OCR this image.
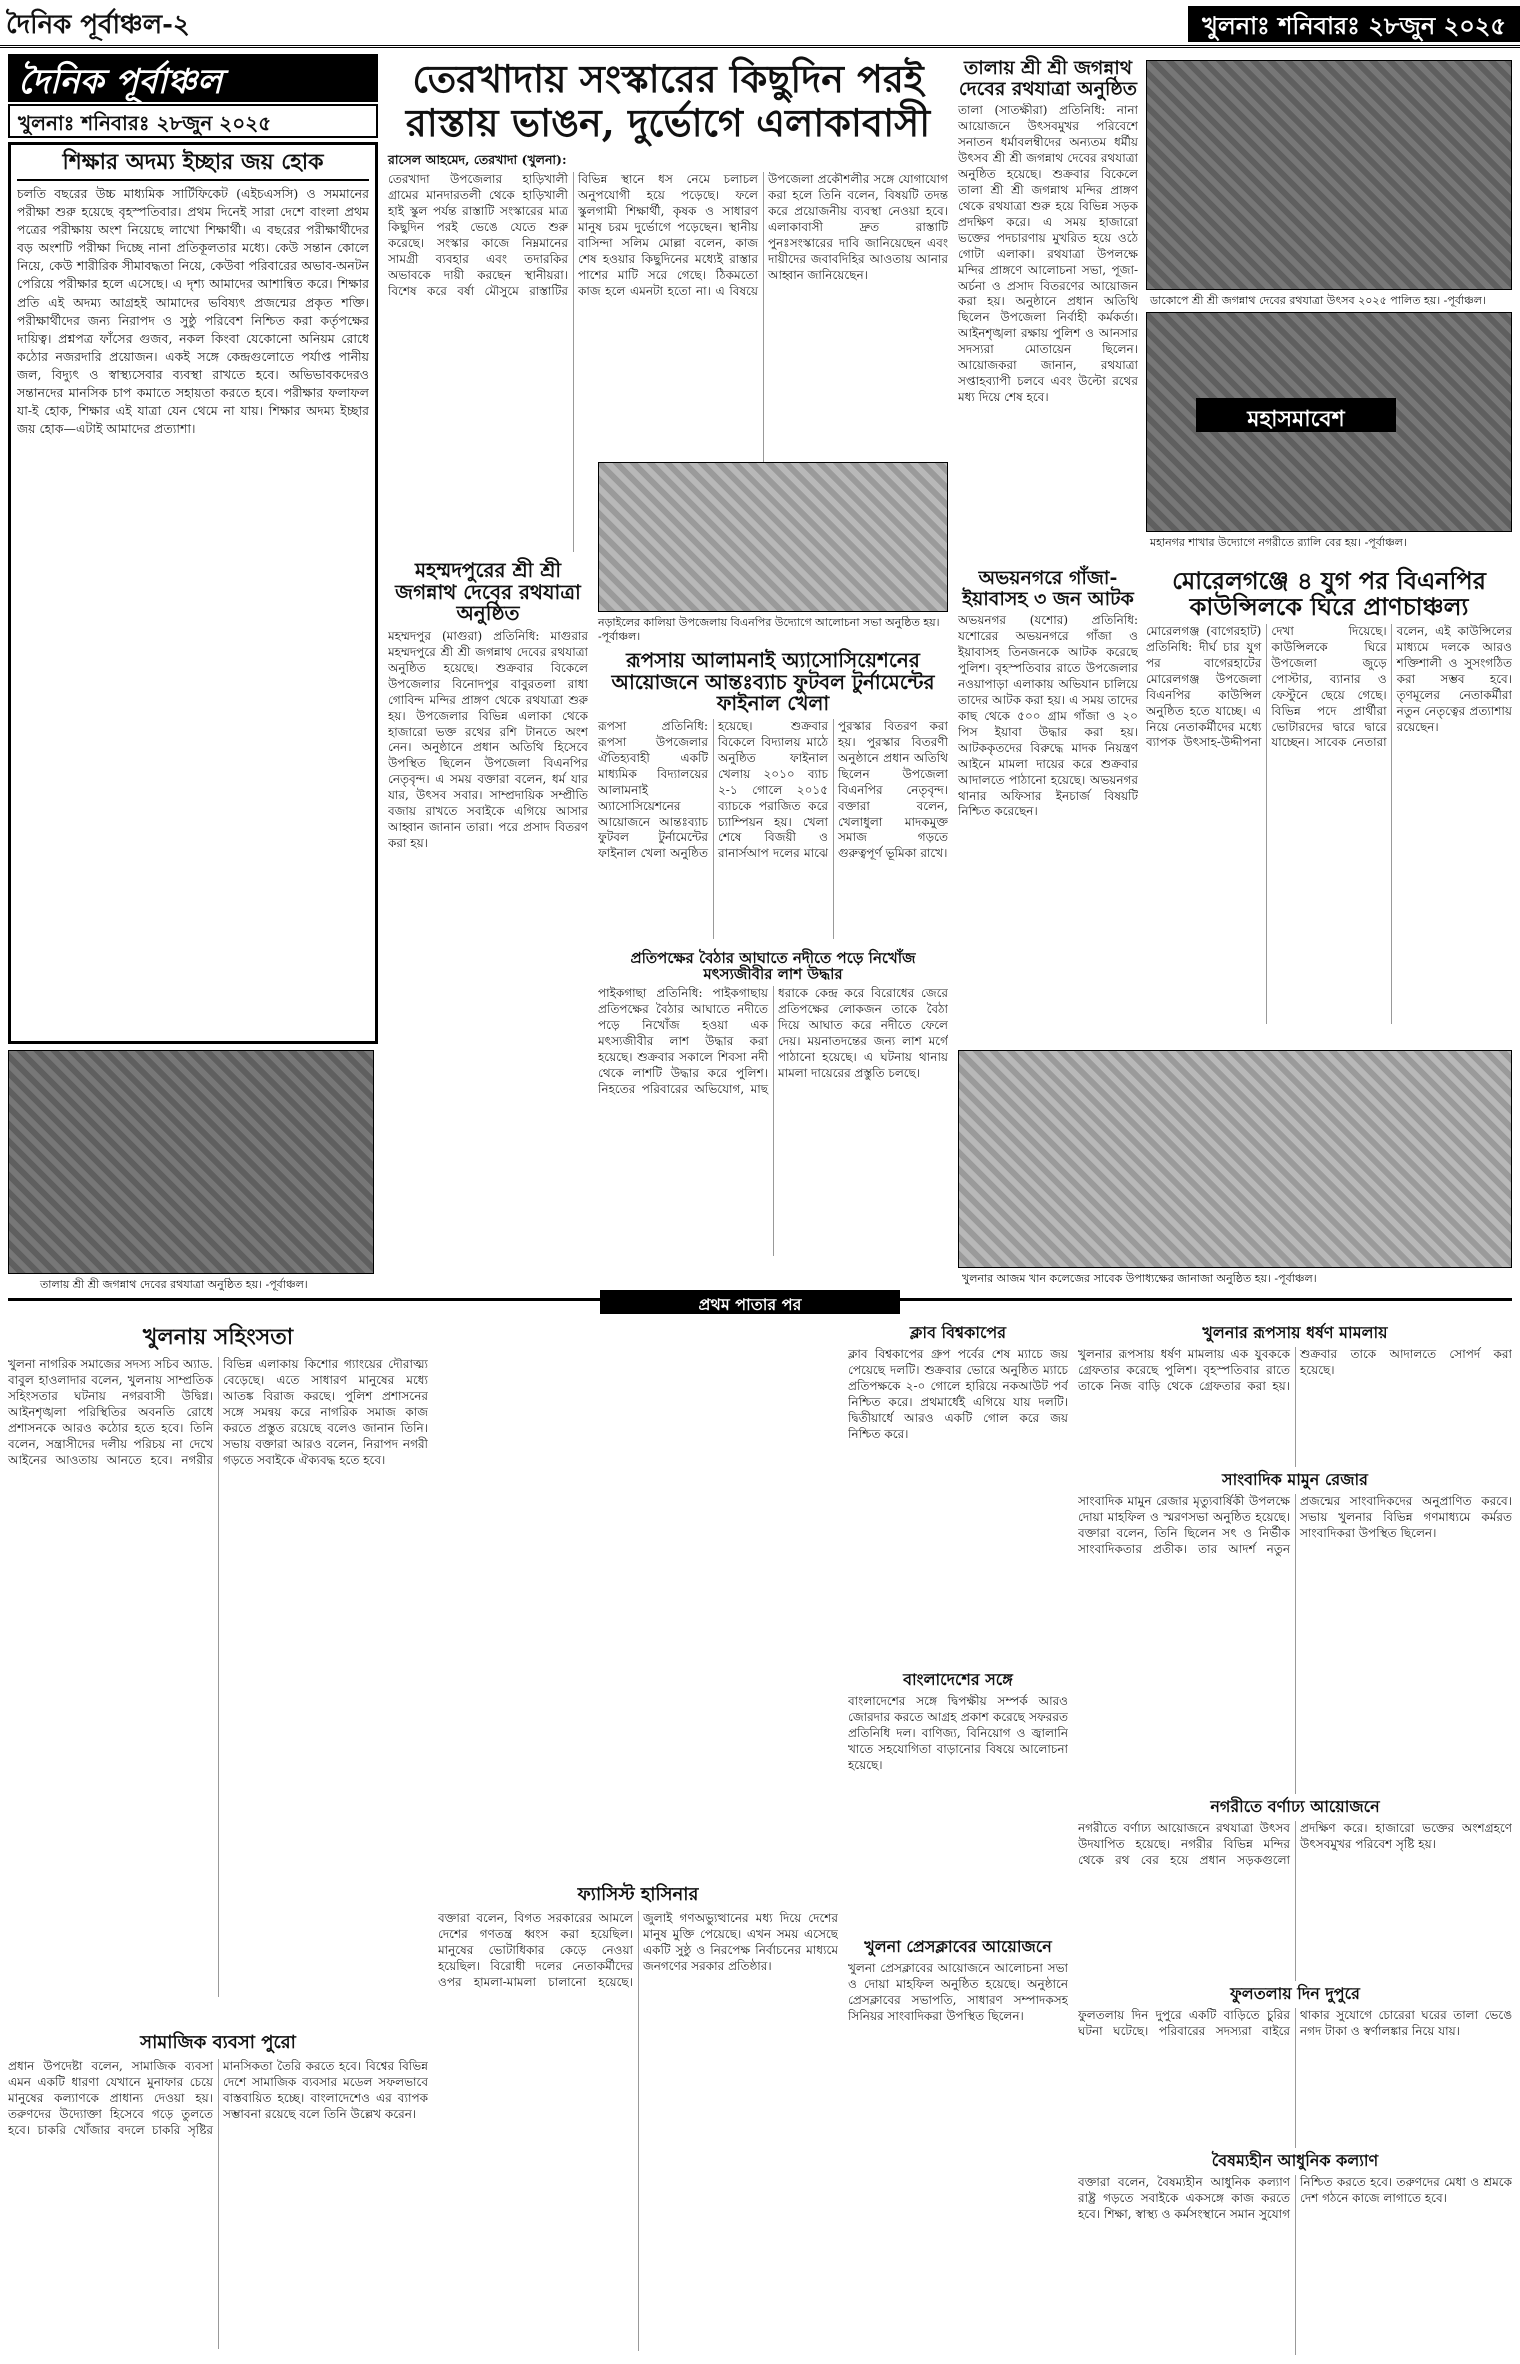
দৈনিক পূর্বাঞ্চল-২	খুলনাঃ শনিবারঃ ২৮জুন ২০২৫
দৈনিক পূর্বাঞ্চল
খুলনাঃ শনিবারঃ ২৮জুন ২০২৫
শিক্ষার অদম্য ইচ্ছার জয় হোক
চলতি বছরের উচ্চ মাধ্যমিক সার্টিফিকেট (এইচএসসি) ও সমমানের পরীক্ষা শুরু হয়েছে বৃহস্পতিবার। প্রথম দিনেই সারা দেশে বাংলা প্রথম পত্রের পরীক্ষায় অংশ নিয়েছে লাখো শিক্ষার্থী। এ বছরের পরীক্ষার্থীদের বড় অংশটি পরীক্ষা দিচ্ছে নানা প্রতিকূলতার মধ্যে। কেউ সন্তান কোলে নিয়ে, কেউ শারীরিক সীমাবদ্ধতা নিয়ে, কেউবা পরিবারের অভাব-অনটন পেরিয়ে পরীক্ষার হলে এসেছে। এ দৃশ্য আমাদের আশান্বিত করে। শিক্ষার প্রতি এই অদম্য আগ্রহই আমাদের ভবিষ্যৎ প্রজন্মের প্রকৃত শক্তি। পরীক্ষার্থীদের জন্য নিরাপদ ও সুষ্ঠু পরিবেশ নিশ্চিত করা কর্তৃপক্ষের দায়িত্ব। প্রশ্নপত্র ফাঁসের গুজব, নকল কিংবা যেকোনো অনিয়ম রোধে কঠোর নজরদারি প্রয়োজন। একই সঙ্গে কেন্দ্রগুলোতে পর্যাপ্ত পানীয় জল, বিদ্যুৎ ও স্বাস্থ্যসেবার ব্যবস্থা রাখতে হবে। অভিভাবকদেরও সন্তানদের মানসিক চাপ কমাতে সহায়তা করতে হবে। পরীক্ষার ফলাফল যা-ই হোক, শিক্ষার এই যাত্রা যেন থেমে না যায়। শিক্ষার অদম্য ইচ্ছার জয় হোক—এটাই আমাদের প্রত্যাশা।
তালায় শ্রী শ্রী জগন্নাথ দেবের রথযাত্রা অনুষ্ঠিত হয়। -পূর্বাঞ্চল।
তেরখাদায় সংস্কারের কিছুদিন পরই
রাস্তায় ভাঙন, দুর্ভোগে এলাকাবাসী
রাসেল আহমেদ, তেরখাদা (খুলনা):
তেরখাদা উপজেলার হাড়িখালী গ্রামের মানদারতলী থেকে হাড়িখালী হাই স্কুল পর্যন্ত রাস্তাটি সংস্কারের মাত্র কিছুদিন পরই ভেঙে যেতে শুরু করেছে। সংস্কার কাজে নিম্নমানের সামগ্রী ব্যবহার এবং তদারকির অভাবকে দায়ী করছেন স্থানীয়রা। বিশেষ করে বর্ষা মৌসুমে রাস্তাটির বিভিন্ন স্থানে ধস নেমে চলাচল অনুপযোগী হয়ে পড়েছে। ফলে স্কুলগামী শিক্ষার্থী, কৃষক ও সাধারণ মানুষ চরম দুর্ভোগে পড়েছেন। স্থানীয় বাসিন্দা সলিম মোল্লা বলেন, কাজ শেষ হওয়ার কিছুদিনের মধ্যেই রাস্তার পাশের মাটি সরে গেছে। ঠিকমতো কাজ হলে এমনটা হতো না। এ বিষয়ে উপজেলা প্রকৌশলীর সঙ্গে যোগাযোগ করা হলে তিনি বলেন, বিষয়টি তদন্ত করে প্রয়োজনীয় ব্যবস্থা নেওয়া হবে। এলাকাবাসী দ্রুত রাস্তাটি পুনঃসংস্কারের দাবি জানিয়েছেন এবং দায়ীদের জবাবদিহির আওতায় আনার আহ্বান জানিয়েছেন।
মহম্মদপুরের শ্রী শ্রী জগন্নাথ দেবের রথযাত্রা অনুষ্ঠিত
মহম্মদপুর (মাগুরা) প্রতিনিধি: মাগুরার মহম্মদপুরে শ্রী শ্রী জগন্নাথ দেবের রথযাত্রা অনুষ্ঠিত হয়েছে। শুক্রবার বিকেলে উপজেলার বিনোদপুর বাবুরতলা রাধা গোবিন্দ মন্দির প্রাঙ্গণ থেকে রথযাত্রা শুরু হয়। উপজেলার বিভিন্ন এলাকা থেকে হাজারো ভক্ত রথের রশি টানতে অংশ নেন। অনুষ্ঠানে প্রধান অতিথি হিসেবে উপস্থিত ছিলেন উপজেলা বিএনপির নেতৃবৃন্দ। এ সময় বক্তারা বলেন, ধর্ম যার যার, উৎসব সবার। সাম্প্রদায়িক সম্প্রীতি বজায় রাখতে সবাইকে এগিয়ে আসার আহ্বান জানান তারা। পরে প্রসাদ বিতরণ করা হয়।
নড়াইলের কালিয়া উপজেলায় বিএনপির উদ্যোগে আলোচনা সভা অনুষ্ঠিত হয়। -পূর্বাঞ্চল।
রূপসায় আলামনাই অ্যাসোসিয়েশনের আয়োজনে আন্তঃব্যাচ ফুটবল টুর্নামেন্টের ফাইনাল খেলা
রূপসা প্রতিনিধি: রূপসা উপজেলার ঐতিহ্যবাহী একটি মাধ্যমিক বিদ্যালয়ের আলামনাই অ্যাসোসিয়েশনের আয়োজনে আন্তঃব্যাচ ফুটবল টুর্নামেন্টের ফাইনাল খেলা অনুষ্ঠিত হয়েছে। শুক্রবার বিকেলে বিদ্যালয় মাঠে অনুষ্ঠিত ফাইনাল খেলায় ২০১০ ব্যাচ ২-১ গোলে ২০১৫ ব্যাচকে পরাজিত করে চ্যাম্পিয়ন হয়। খেলা শেষে বিজয়ী ও রানার্সআপ দলের মাঝে পুরস্কার বিতরণ করা হয়। পুরস্কার বিতরণী অনুষ্ঠানে প্রধান অতিথি ছিলেন উপজেলা বিএনপির নেতৃবৃন্দ। বক্তারা বলেন, খেলাধুলা মাদকমুক্ত সমাজ গড়তে গুরুত্বপূর্ণ ভূমিকা রাখে।
প্রতিপক্ষের বৈঠার আঘাতে নদীতে পড়ে নিখোঁজ মৎস্যজীবীর লাশ উদ্ধার
পাইকগাছা প্রতিনিধি: পাইকগাছায় প্রতিপক্ষের বৈঠার আঘাতে নদীতে পড়ে নিখোঁজ হওয়া এক মৎস্যজীবীর লাশ উদ্ধার করা হয়েছে। শুক্রবার সকালে শিবসা নদী থেকে লাশটি উদ্ধার করে পুলিশ। নিহতের পরিবারের অভিযোগ, মাছ ধরাকে কেন্দ্র করে বিরোধের জেরে প্রতিপক্ষের লোকজন তাকে বৈঠা দিয়ে আঘাত করে নদীতে ফেলে দেয়। ময়নাতদন্তের জন্য লাশ মর্গে পাঠানো হয়েছে। এ ঘটনায় থানায় মামলা দায়েরের প্রস্তুতি চলছে।
তালায় শ্রী শ্রী জগন্নাথ দেবের রথযাত্রা অনুষ্ঠিত
তালা (সাতক্ষীরা) প্রতিনিধি: নানা আয়োজনে উৎসবমুখর পরিবেশে সনাতন ধর্মাবলম্বীদের অন্যতম ধর্মীয় উৎসব শ্রী শ্রী জগন্নাথ দেবের রথযাত্রা অনুষ্ঠিত হয়েছে। শুক্রবার বিকেলে তালা শ্রী শ্রী জগন্নাথ মন্দির প্রাঙ্গণ থেকে রথযাত্রা শুরু হয়ে বিভিন্ন সড়ক প্রদক্ষিণ করে। এ সময় হাজারো ভক্তের পদচারণায় মুখরিত হয়ে ওঠে গোটা এলাকা। রথযাত্রা উপলক্ষে মন্দির প্রাঙ্গণে আলোচনা সভা, পূজা-অর্চনা ও প্রসাদ বিতরণের আয়োজন করা হয়। অনুষ্ঠানে প্রধান অতিথি ছিলেন উপজেলা নির্বাহী কর্মকর্তা। আইনশৃঙ্খলা রক্ষায় পুলিশ ও আনসার সদস্যরা মোতায়েন ছিলেন। আয়োজকরা জানান, রথযাত্রা সপ্তাহব্যাপী চলবে এবং উল্টো রথের মধ্য দিয়ে শেষ হবে।
ডাকোপে শ্রী শ্রী জগন্নাথ দেবের রথযাত্রা উৎসব ২০২৫ পালিত হয়। -পূর্বাঞ্চল।
মহাসমাবেশ
মহানগর শাখার উদ্যোগে নগরীতে র‍্যালি বের হয়। -পূর্বাঞ্চল।
অভয়নগরে গাঁজা-ইয়াবাসহ ৩ জন আটক
অভয়নগর (যশোর) প্রতিনিধি: যশোরের অভয়নগরে গাঁজা ও ইয়াবাসহ তিনজনকে আটক করেছে পুলিশ। বৃহস্পতিবার রাতে উপজেলার নওয়াপাড়া এলাকায় অভিযান চালিয়ে তাদের আটক করা হয়। এ সময় তাদের কাছ থেকে ৫০০ গ্রাম গাঁজা ও ২০ পিস ইয়াবা উদ্ধার করা হয়। আটককৃতদের বিরুদ্ধে মাদক নিয়ন্ত্রণ আইনে মামলা দায়ের করে শুক্রবার আদালতে পাঠানো হয়েছে। অভয়নগর থানার অফিসার ইনচার্জ বিষয়টি নিশ্চিত করেছেন।
মোরেলগঞ্জে ৪ যুগ পর বিএনপির কাউন্সিলকে ঘিরে প্রাণচাঞ্চল্য
মোরেলগঞ্জ (বাগেরহাট) প্রতিনিধি: দীর্ঘ চার যুগ পর বাগেরহাটের মোরেলগঞ্জ উপজেলা বিএনপির কাউন্সিল অনুষ্ঠিত হতে যাচ্ছে। এ নিয়ে নেতাকর্মীদের মধ্যে ব্যাপক উৎসাহ-উদ্দীপনা দেখা দিয়েছে। কাউন্সিলকে ঘিরে উপজেলা জুড়ে পোস্টার, ব্যানার ও ফেস্টুনে ছেয়ে গেছে। বিভিন্ন পদে প্রার্থীরা ভোটারদের দ্বারে দ্বারে যাচ্ছেন। সাবেক নেতারা বলেন, এই কাউন্সিলের মাধ্যমে দলকে আরও শক্তিশালী ও সুসংগঠিত করা সম্ভব হবে। তৃণমূলের নেতাকর্মীরা নতুন নেতৃত্বের প্রত্যাশায় রয়েছেন।
খুলনার আজম খান কলেজের সাবেক উপাধ্যক্ষের জানাজা অনুষ্ঠিত হয়। -পূর্বাঞ্চল।
প্রথম পাতার পর
খুলনায় সহিংসতা
খুলনা নাগরিক সমাজের সদস্য সচিব অ্যাড. বাবুল হাওলাদার বলেন, খুলনায় সাম্প্রতিক সহিংসতার ঘটনায় নগরবাসী উদ্বিগ্ন। আইনশৃঙ্খলা পরিস্থিতির অবনতি রোধে প্রশাসনকে আরও কঠোর হতে হবে। তিনি বলেন, সন্ত্রাসীদের দলীয় পরিচয় না দেখে আইনের আওতায় আনতে হবে। নগরীর বিভিন্ন এলাকায় কিশোর গ্যাংয়ের দৌরাত্ম্য বেড়েছে। এতে সাধারণ মানুষের মধ্যে আতঙ্ক বিরাজ করছে। পুলিশ প্রশাসনের সঙ্গে সমন্বয় করে নাগরিক সমাজ কাজ করতে প্রস্তুত রয়েছে বলেও জানান তিনি। সভায় বক্তারা আরও বলেন, নিরাপদ নগরী গড়তে সবাইকে ঐক্যবদ্ধ হতে হবে।
সামাজিক ব্যবসা পুরো
প্রধান উপদেষ্টা বলেন, সামাজিক ব্যবসা এমন একটি ধারণা যেখানে মুনাফার চেয়ে মানুষের কল্যাণকে প্রাধান্য দেওয়া হয়। তরুণদের উদ্যোক্তা হিসেবে গড়ে তুলতে হবে। চাকরি খোঁজার বদলে চাকরি সৃষ্টির মানসিকতা তৈরি করতে হবে। বিশ্বের বিভিন্ন দেশে সামাজিক ব্যবসার মডেল সফলভাবে বাস্তবায়িত হচ্ছে। বাংলাদেশেও এর ব্যাপক সম্ভাবনা রয়েছে বলে তিনি উল্লেখ করেন।
ফ্যাসিস্ট হাসিনার
বক্তারা বলেন, বিগত সরকারের আমলে দেশের গণতন্ত্র ধ্বংস করা হয়েছিল। মানুষের ভোটাধিকার কেড়ে নেওয়া হয়েছিল। বিরোধী দলের নেতাকর্মীদের ওপর হামলা-মামলা চালানো হয়েছে। জুলাই গণঅভ্যুত্থানের মধ্য দিয়ে দেশের মানুষ মুক্তি পেয়েছে। এখন সময় এসেছে একটি সুষ্ঠু ও নিরপেক্ষ নির্বাচনের মাধ্যমে জনগণের সরকার প্রতিষ্ঠার।
ক্লাব বিশ্বকাপের
ক্লাব বিশ্বকাপের গ্রুপ পর্বের শেষ ম্যাচে জয় পেয়েছে দলটি। শুক্রবার ভোরে অনুষ্ঠিত ম্যাচে প্রতিপক্ষকে ২-০ গোলে হারিয়ে নকআউট পর্ব নিশ্চিত করে। প্রথমার্ধেই এগিয়ে যায় দলটি। দ্বিতীয়ার্ধে আরও একটি গোল করে জয় নিশ্চিত করে।
বাংলাদেশের সঙ্গে
বাংলাদেশের সঙ্গে দ্বিপক্ষীয় সম্পর্ক আরও জোরদার করতে আগ্রহ প্রকাশ করেছে সফররত প্রতিনিধি দল। বাণিজ্য, বিনিয়োগ ও জ্বালানি খাতে সহযোগিতা বাড়ানোর বিষয়ে আলোচনা হয়েছে।
খুলনা প্রেসক্লাবের আয়োজনে
খুলনা প্রেসক্লাবের আয়োজনে আলোচনা সভা ও দোয়া মাহফিল অনুষ্ঠিত হয়েছে। অনুষ্ঠানে প্রেসক্লাবের সভাপতি, সাধারণ সম্পাদকসহ সিনিয়র সাংবাদিকরা উপস্থিত ছিলেন।
খুলনার রূপসায় ধর্ষণ মামলায়
খুলনার রূপসায় ধর্ষণ মামলায় এক যুবককে গ্রেফতার করেছে পুলিশ। বৃহস্পতিবার রাতে তাকে নিজ বাড়ি থেকে গ্রেফতার করা হয়। শুক্রবার তাকে আদালতে সোপর্দ করা হয়েছে।
সাংবাদিক মামুন রেজার
সাংবাদিক মামুন রেজার মৃত্যুবার্ষিকী উপলক্ষে দোয়া মাহফিল ও স্মরণসভা অনুষ্ঠিত হয়েছে। বক্তারা বলেন, তিনি ছিলেন সৎ ও নির্ভীক সাংবাদিকতার প্রতীক। তার আদর্শ নতুন প্রজন্মের সাংবাদিকদের অনুপ্রাণিত করবে। সভায় খুলনার বিভিন্ন গণমাধ্যমে কর্মরত সাংবাদিকরা উপস্থিত ছিলেন।
নগরীতে বর্ণাঢ্য আয়োজনে
নগরীতে বর্ণাঢ্য আয়োজনে রথযাত্রা উৎসব উদযাপিত হয়েছে। নগরীর বিভিন্ন মন্দির থেকে রথ বের হয়ে প্রধান সড়কগুলো প্রদক্ষিণ করে। হাজারো ভক্তের অংশগ্রহণে উৎসবমুখর পরিবেশ সৃষ্টি হয়।
ফুলতলায় দিন দুপুরে
ফুলতলায় দিন দুপুরে একটি বাড়িতে চুরির ঘটনা ঘটেছে। পরিবারের সদস্যরা বাইরে থাকার সুযোগে চোরেরা ঘরের তালা ভেঙে নগদ টাকা ও স্বর্ণালঙ্কার নিয়ে যায়।
বৈষম্যহীন আধুনিক কল্যাণ
বক্তারা বলেন, বৈষম্যহীন আধুনিক কল্যাণ রাষ্ট্র গড়তে সবাইকে একসঙ্গে কাজ করতে হবে। শিক্ষা, স্বাস্থ্য ও কর্মসংস্থানে সমান সুযোগ নিশ্চিত করতে হবে। তরুণদের মেধা ও শ্রমকে দেশ গঠনে কাজে লাগাতে হবে।
